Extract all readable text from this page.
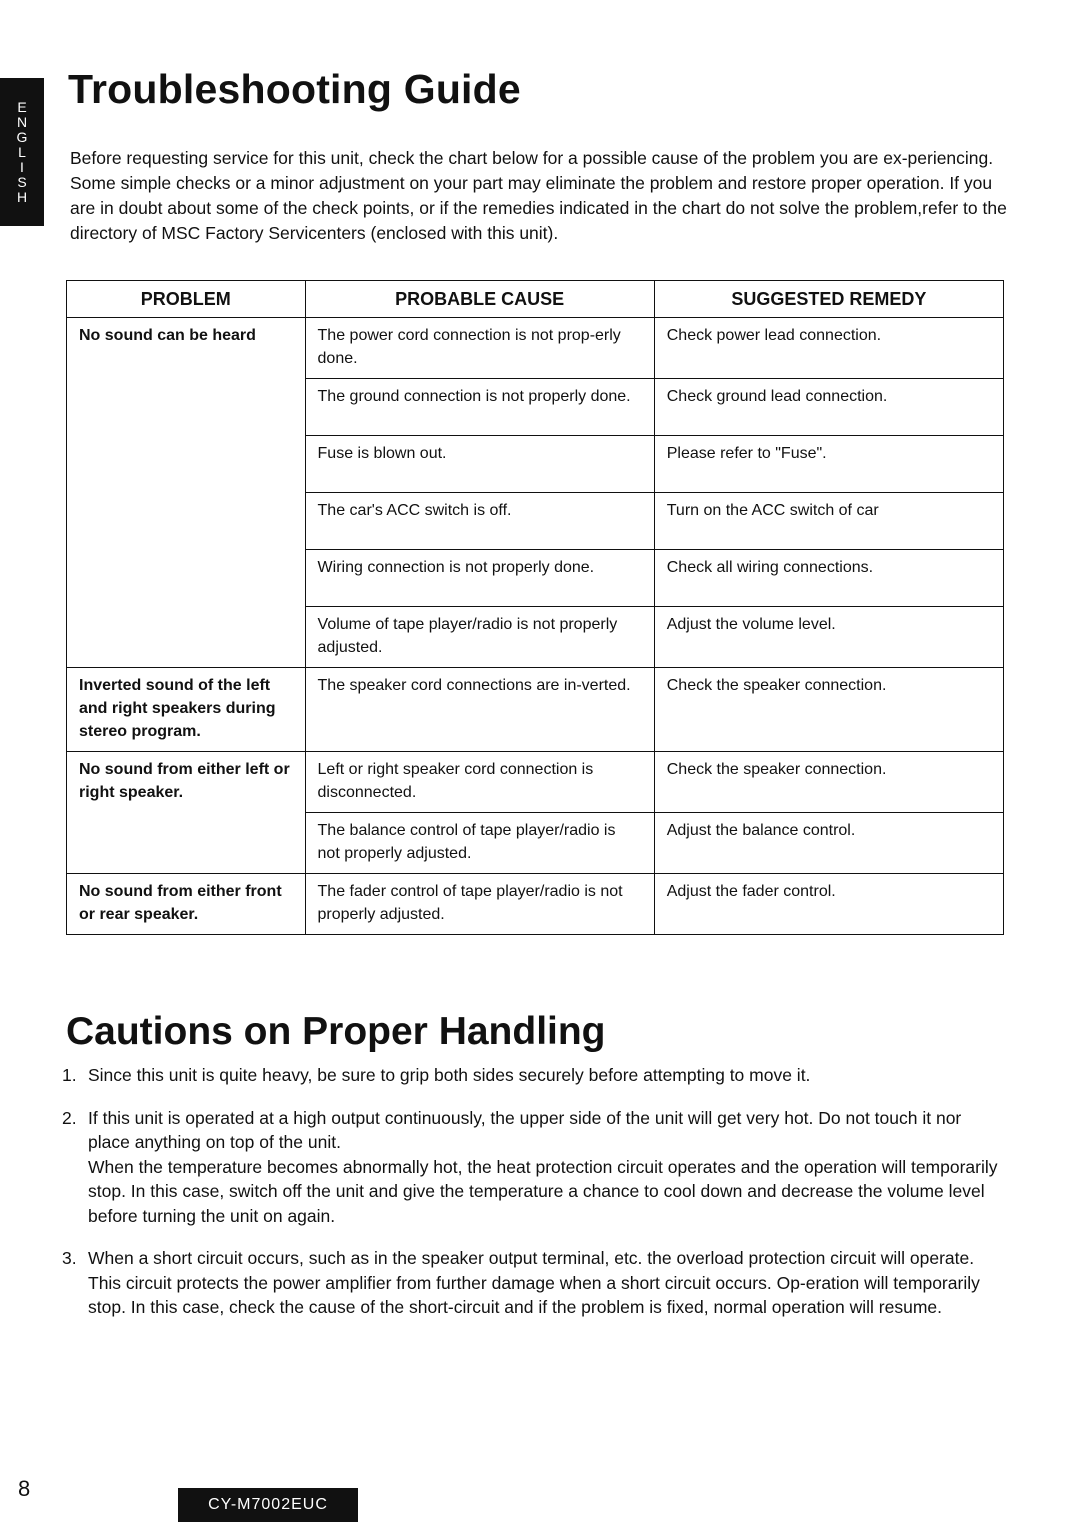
E
N
G
L
I
S
H
Troubleshooting Guide

Before requesting service for this unit, check the chart below for a possible cause of the problem you are ex-periencing. Some simple checks or a minor adjustment on your part may eliminate the problem and restore proper operation. If you are in doubt about some of the check points, or if the remedies indicated in the chart do not solve the problem,refer to the directory of MSC Factory Servicenters (enclosed with this unit).

PROBLEM	PROBABLE CAUSE	SUGGESTED REMEDY
No sound can be heard	The power cord connection is not prop-erly done.	Check power lead connection.
	The ground connection is not properly done.	Check ground lead connection.
	Fuse is blown out.	Please refer to "Fuse".
	The car's ACC switch is off.	Turn on the ACC switch of car
	Wiring connection is not properly done.	Check all wiring connections.
	Volume of tape player/radio is not properly adjusted.	Adjust the volume level.
Inverted sound of the left and right speakers during stereo program.	The speaker cord connections are in-verted.	Check the speaker connection.
No sound from either left or right speaker.	Left or right speaker cord connection is disconnected.	Check the speaker connection.
	The balance control of tape player/radio is not properly adjusted.	Adjust the balance control.
No sound from either front or rear speaker.	The fader control of tape player/radio is not properly adjusted.	Adjust the fader control.
Cautions on Proper Handling
1. Since this unit is quite heavy, be sure to grip both sides securely before attempting to move it.

2. If this unit is operated at a high output continuously, the upper side of the unit will get very hot. Do not touch it nor place anything on top of the unit.

When the temperature becomes abnormally hot, the heat protection circuit operates and the operation will temporarily stop. In this case, switch off the unit and give the temperature a chance to cool down and decrease the volume level before turning the unit on again.

3. When a short circuit occurs, such as in the speaker output terminal, etc. the overload protection circuit will operate. This circuit protects the power amplifier from further damage when a short circuit occurs. Op-eration will temporarily stop. In this case, check the cause of the short-circuit and if the problem is fixed, normal operation will resume.

8
CY-M7002EUC
